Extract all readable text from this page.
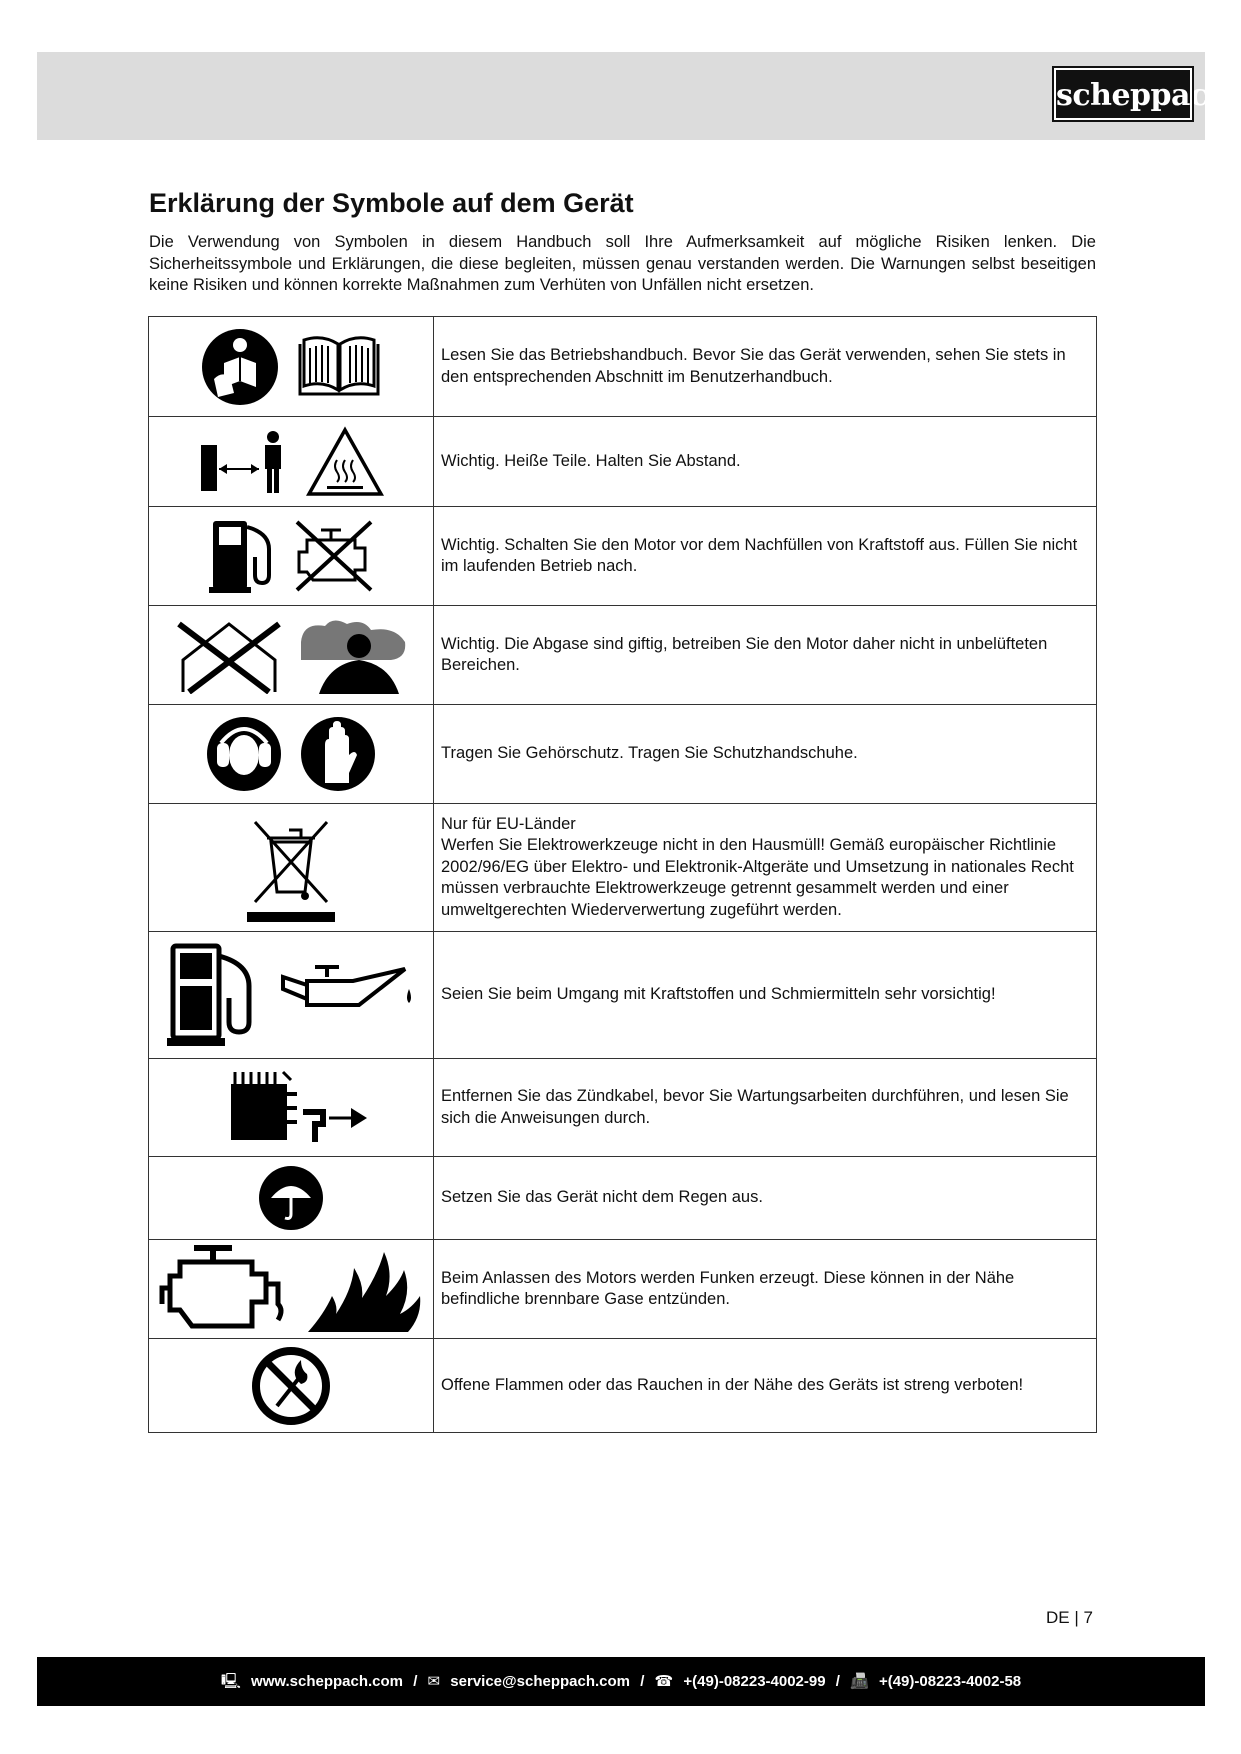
scheppach
Erklärung der Symbole auf dem Gerät

Die Verwendung von Symbolen in diesem Handbuch soll Ihre Aufmerksamkeit auf mögliche Risiken lenken. Die Sicherheitssymbole und Erklärungen, die diese begleiten, müssen genau verstanden werden. Die Warnungen selbst beseitigen keine Risiken und können korrekte Maßnahmen zum Verhüten von Unfällen nicht ersetzen.

	Lesen Sie das Betriebshandbuch. Bevor Sie das Gerät verwenden, sehen Sie stets in den entsprechenden Abschnitt im Benutzerhandbuch.
	Wichtig. Heiße Teile. Halten Sie Abstand.
	Wichtig. Schalten Sie den Motor vor dem Nachfüllen von Kraftstoff aus. Füllen Sie nicht im laufenden Betrieb nach.
	Wichtig. Die Abgase sind giftig, betreiben Sie den Motor daher nicht in unbelüfteten Bereichen.
	Tragen Sie Gehörschutz. Tragen Sie Schutzhandschuhe.

Nur für EU-Länder
Werfen Sie Elektrowerkzeuge nicht in den Hausmüll! Gemäß europäischer Richtlinie 2002/96/EG über Elektro- und Elektronik-Altgeräte und Umsetzung in nationales Recht müssen verbrauchte Elektrowerkzeuge getrennt gesammelt werden und einer umweltgerechten Wiederverwertung zugeführt werden.

	Seien Sie beim Umgang mit Kraftstoffen und Schmiermitteln sehr vorsichtig!
	Entfernen Sie das Zündkabel, bevor Sie Wartungsarbeiten durchführen, und lesen Sie sich die Anweisungen durch.
	Setzen Sie das Gerät nicht dem Regen aus.
	Beim Anlassen des Motors werden Funken erzeugt. Diese können in der Nähe befindliche brennbare Gase entzünden.
	Offene Flammen oder das Rauchen in der Nähe des Geräts ist streng verboten!
DE | 7
🖳 www.scheppach.com / ✉ service@scheppach.com / ☎ +(49)-08223-4002-99 / 📠 +(49)-08223-4002-58
